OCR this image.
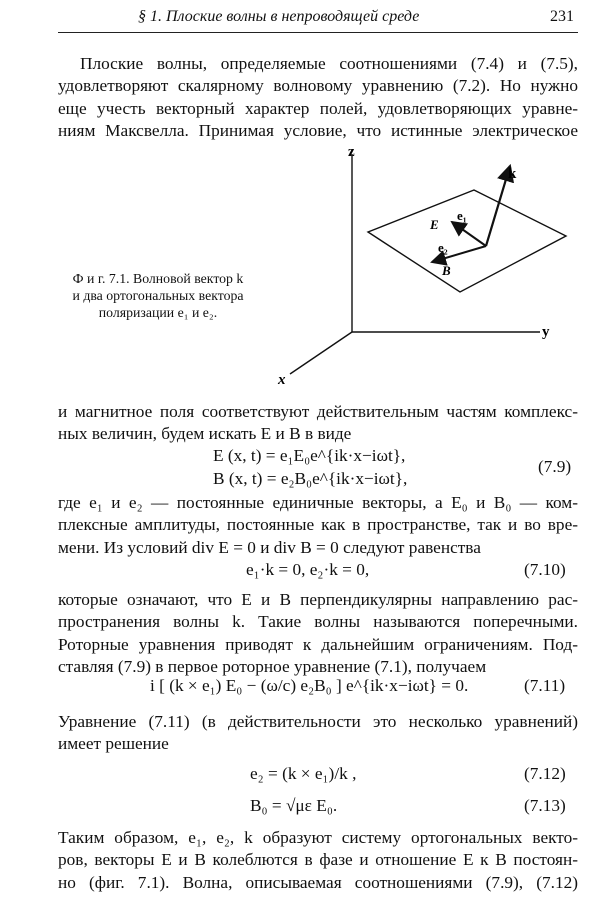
§ 1. Плоские волны в непроводящей среде	231

Плоские волны, определяемые соотношениями (7.4) и (7.5),
удовлетворяют скалярному волновому уравнению (7.2). Но нужно
еще учесть векторный характер полей, удовлетворяющих уравне-
ниям Максвелла. Принимая условие, что истинные электрическое

Ф и г. 7.1. Волновой вектор k
и два ортогональных вектора
поляризации e₁ и e₂.
z
y
x
k
e₁
E
e₂
B

и магнитное поля соответствуют действительным частям комплекс-
ных величин, будем искать E и B в виде

E (x, t) = e₁E₀e^{ik·x−iωt},
B (x, t) = e₂B₀e^{ik·x−iωt},
(7.9)

где e₁ и e₂ — постоянные единичные векторы, а E₀ и B₀ — ком-
плексные амплитуды, постоянные как в пространстве, так и во вре-
мени. Из условий div E = 0 и div B = 0 следуют равенства

e₁·k = 0, e₂·k = 0,	(7.10)

которые означают, что E и B перпендикулярны направлению рас-
пространения волны k. Такие волны называются поперечными.
Роторные уравнения приводят к дальнейшим ограничениям. Под-
ставляя (7.9) в первое роторное уравнение (7.1), получаем

i [ (k × e₁) E₀ − (ω/c) e₂B₀ ] e^{ik·x−iωt} = 0.	(7.11)

Уравнение (7.11) (в действительности это несколько уравнений)
имеет решение

e₂ = (k × e₁)/k ,	(7.12)
B₀ = √με E₀.	(7.13)

Таким образом, e₁, e₂, k образуют систему ортогональных векто-
ров, векторы E и B колеблются в фазе и отношение E к B постоян-
но (фиг. 7.1). Волна, описываемая соотношениями (7.9), (7.12)
